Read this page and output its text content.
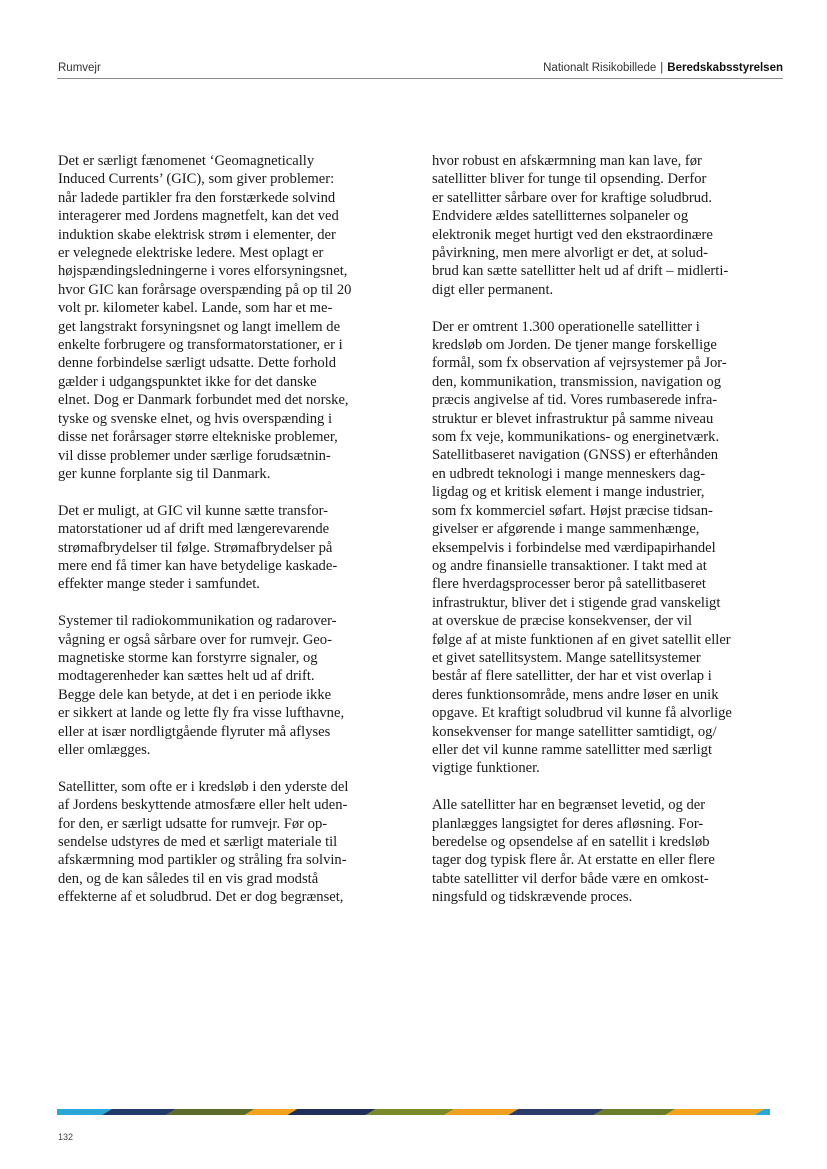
Rumvejr	Nationalt Risikobillede | Beredskabsstyrelsen

Det er særligt fænomenet ‘Geomagnetically
Induced Currents’ (GIC), som giver problemer:
når ladede partikler fra den forstærkede solvind
interagerer med Jordens magnetfelt, kan det ved
induktion skabe elektrisk strøm i elementer, der
er velegnede elektriske ledere. Mest oplagt er
højspændingsledningerne i vores elforsyningsnet,
hvor GIC kan forårsage overspænding på op til 20
volt pr. kilometer kabel. Lande, som har et me-
get langstrakt forsyningsnet og langt imellem de
enkelte forbrugere og transformatorstationer, er i
denne forbindelse særligt udsatte. Dette forhold
gælder i udgangspunktet ikke for det danske
elnet. Dog er Danmark forbundet med det norske,
tyske og svenske elnet, og hvis overspænding i
disse net forårsager større eltekniske problemer,
vil disse problemer under særlige forudsætnin-
ger kunne forplante sig til Danmark.

Det er muligt, at GIC vil kunne sætte transfor-
matorstationer ud af drift med længerevarende
strømafbrydelser til følge. Strømafbrydelser på
mere end få timer kan have betydelige kaskade-
effekter mange steder i samfundet.

Systemer til radiokommunikation og radarover-
vågning er også sårbare over for rumvejr. Geo-
magnetiske storme kan forstyrre signaler, og
modtagerenheder kan sættes helt ud af drift.
Begge dele kan betyde, at det i en periode ikke
er sikkert at lande og lette fly fra visse lufthavne,
eller at især nordligtgående flyruter må aflyses
eller omlægges.

Satellitter, som ofte er i kredsløb i den yderste del
af Jordens beskyttende atmosfære eller helt uden-
for den, er særligt udsatte for rumvejr. Før op-
sendelse udstyres de med et særligt materiale til
afskærmning mod partikler og stråling fra solvin-
den, og de kan således til en vis grad modstå
effekterne af et soludbrud. Det er dog begrænset,

hvor robust en afskærmning man kan lave, før
satellitter bliver for tunge til opsending. Derfor
er satellitter sårbare over for kraftige soludbrud.
Endvidere ældes satellitternes solpaneler og
elektronik meget hurtigt ved den ekstraordinære
påvirkning, men mere alvorligt er det, at solud-
brud kan sætte satellitter helt ud af drift – midlerti-
digt eller permanent.

Der er omtrent 1.300 operationelle satellitter i
kredsløb om Jorden. De tjener mange forskellige
formål, som fx observation af vejrsystemer på Jor-
den, kommunikation, transmission, navigation og
præcis angivelse af tid. Vores rumbaserede infra-
struktur er blevet infrastruktur på samme niveau
som fx veje, kommunikations- og energinetværk.
Satellitbaseret navigation (GNSS) er efterhånden
en udbredt teknologi i mange menneskers dag-
ligdag og et kritisk element i mange industrier,
som fx kommerciel søfart. Højst præcise tidsan-
givelser er afgørende i mange sammenhænge,
eksempelvis i forbindelse med værdipapirhandel
og andre finansielle transaktioner. I takt med at
flere hverdagsprocesser beror på satellitbaseret
infrastruktur, bliver det i stigende grad vanskeligt
at overskue de præcise konsekvenser, der vil
følge af at miste funktionen af en givet satellit eller
et givet satellitsystem. Mange satellitsystemer
består af flere satellitter, der har et vist overlap i
deres funktionsområde, mens andre løser en unik
opgave. Et kraftigt soludbrud vil kunne få alvorlige
konsekvenser for mange satellitter samtidigt, og/
eller det vil kunne ramme satellitter med særligt
vigtige funktioner.

Alle satellitter har en begrænset levetid, og der
planlægges langsigtet for deres afløsning. For-
beredelse og opsendelse af en satellit i kredsløb
tager dog typisk flere år. At erstatte en eller flere
tabte satellitter vil derfor både være en omkost-
ningsfuld og tidskrævende proces.

132
